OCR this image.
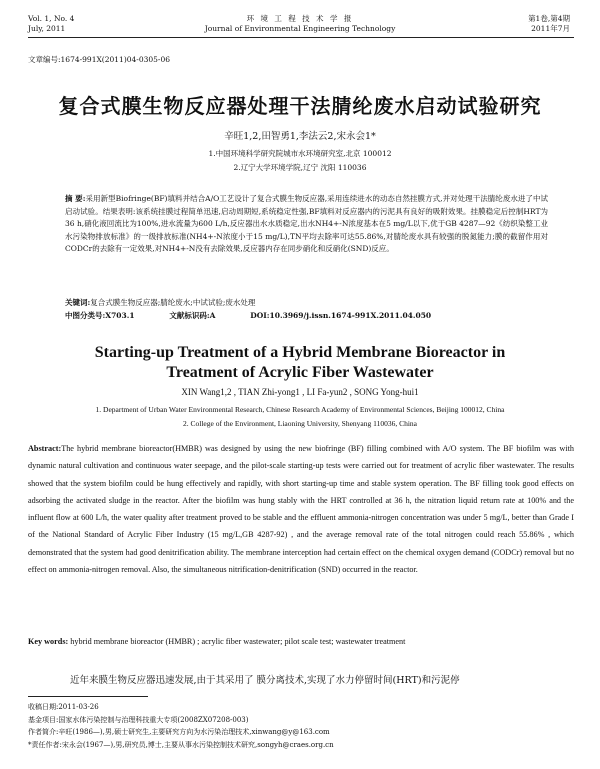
Vol. 1, No. 4
July, 2011
环 境 工 程 技 术 学 报
Journal of Environmental Engineering Technology
第1卷,第4期
2011年7月
文章编号:1674-991X(2011)04-0305-06
复合式膜生物反应器处理干法腈纶废水启动试验研究
辛旺1,2,田智勇1,李法云2,宋永会1*
1.中国环境科学研究院城市水环境研究室,北京 100012
2.辽宁大学环境学院,辽宁 沈阳 110036
摘 要:采用新型Biofringe(BF)填料并结合A/O工艺设计了复合式膜生物反应器,采用连续进水的动态自然挂膜方式,并对处理干法腈纶废水进了中试启动试验。结果表明:该系统挂膜过程简单迅速,启动周期短,系统稳定性强,BF填料对反应器内的污泥具有良好的吸附效果。挂膜稳定后控制HRT为36 h,硝化液回流比为100%,进水流量为600 L/h,反应器出水水质稳定,出水NH4+-N浓度基本在5 mg/L以下,优于GB 4287—92《纺织染整工业水污染物排放标准》的一级排放标准(NH4+-N浓度小于15 mg/L),TN平均去除率可达55.86%,对腈纶废水具有较强的脱氮能力;膜的截留作用对CODCr的去除有一定效果,对NH4+-N没有去除效果,反应器内存在同步硝化和反硝化(SND)反应。
关键词:复合式膜生物反应器;腈纶废水;中试试验;废水处理
中图分类号:X703.1	文献标识码:A	DOI:10.3969/j.issn.1674-991X.2011.04.050
Starting-up Treatment of a Hybrid Membrane Bioreactor in
Treatment of Acrylic Fiber Wastewater
XIN Wang1,2 , TIAN Zhi-yong1 , LI Fa-yun2 , SONG Yong-hui1
1. Department of Urban Water Environmental Research, Chinese Research Academy of Environmental Sciences, Beijing 100012, China
2. College of the Environment, Liaoning University, Shenyang 110036, China
Abstract:The hybrid membrane bioreactor(HMBR) was designed by using the new biofringe (BF) filling combined with A/O system. The BF biofilm was with dynamic natural cultivation and continuous water seepage, and the pilot-scale starting-up tests were carried out for treatment of acrylic fiber wastewater. The results showed that the system biofilm could be hung effectively and rapidly, with short starting-up time and stable system operation. The BF filling took good effects on adsorbing the activated sludge in the reactor. After the biofilm was hung stably with the HRT controlled at 36 h, the nitration liquid return rate at 100% and the influent flow at 600 L/h, the water quality after treatment proved to be stable and the effluent ammonia-nitrogen concentration was under 5 mg/L, better than Grade I of the National Standard of Acrylic Fiber Industry (15 mg/L,GB 4287-92) , and the average removal rate of the total nitrogen could reach 55.86% , which demonstrated that the system had good denitrification ability. The membrane interception had certain effect on the chemical oxygen demand (CODCr) removal but no effect on ammonia-nitrogen removal. Also, the simultaneous nitrification-denitrification (SND) occurred in the reactor.
Key words: hybrid membrane bioreactor (HMBR) ; acrylic fiber wastewater; pilot scale test; wastewater treatment
近年来膜生物反应器迅速发展,由于其采用了 膜分离技术,实现了水力停留时间(HRT)和污泥停
收稿日期:2011-03-26
基金项目:国家水体污染控制与治理科技重大专项(2008ZX07208-003)
作者简介:辛旺(1986—),男,硕士研究生,主要研究方向为水污染治理技术,xinwang@y@163.com
*责任作者:宋永会(1967—),男,研究员,博士,主要从事水污染控制技术研究,songyh@craes.org.cn
